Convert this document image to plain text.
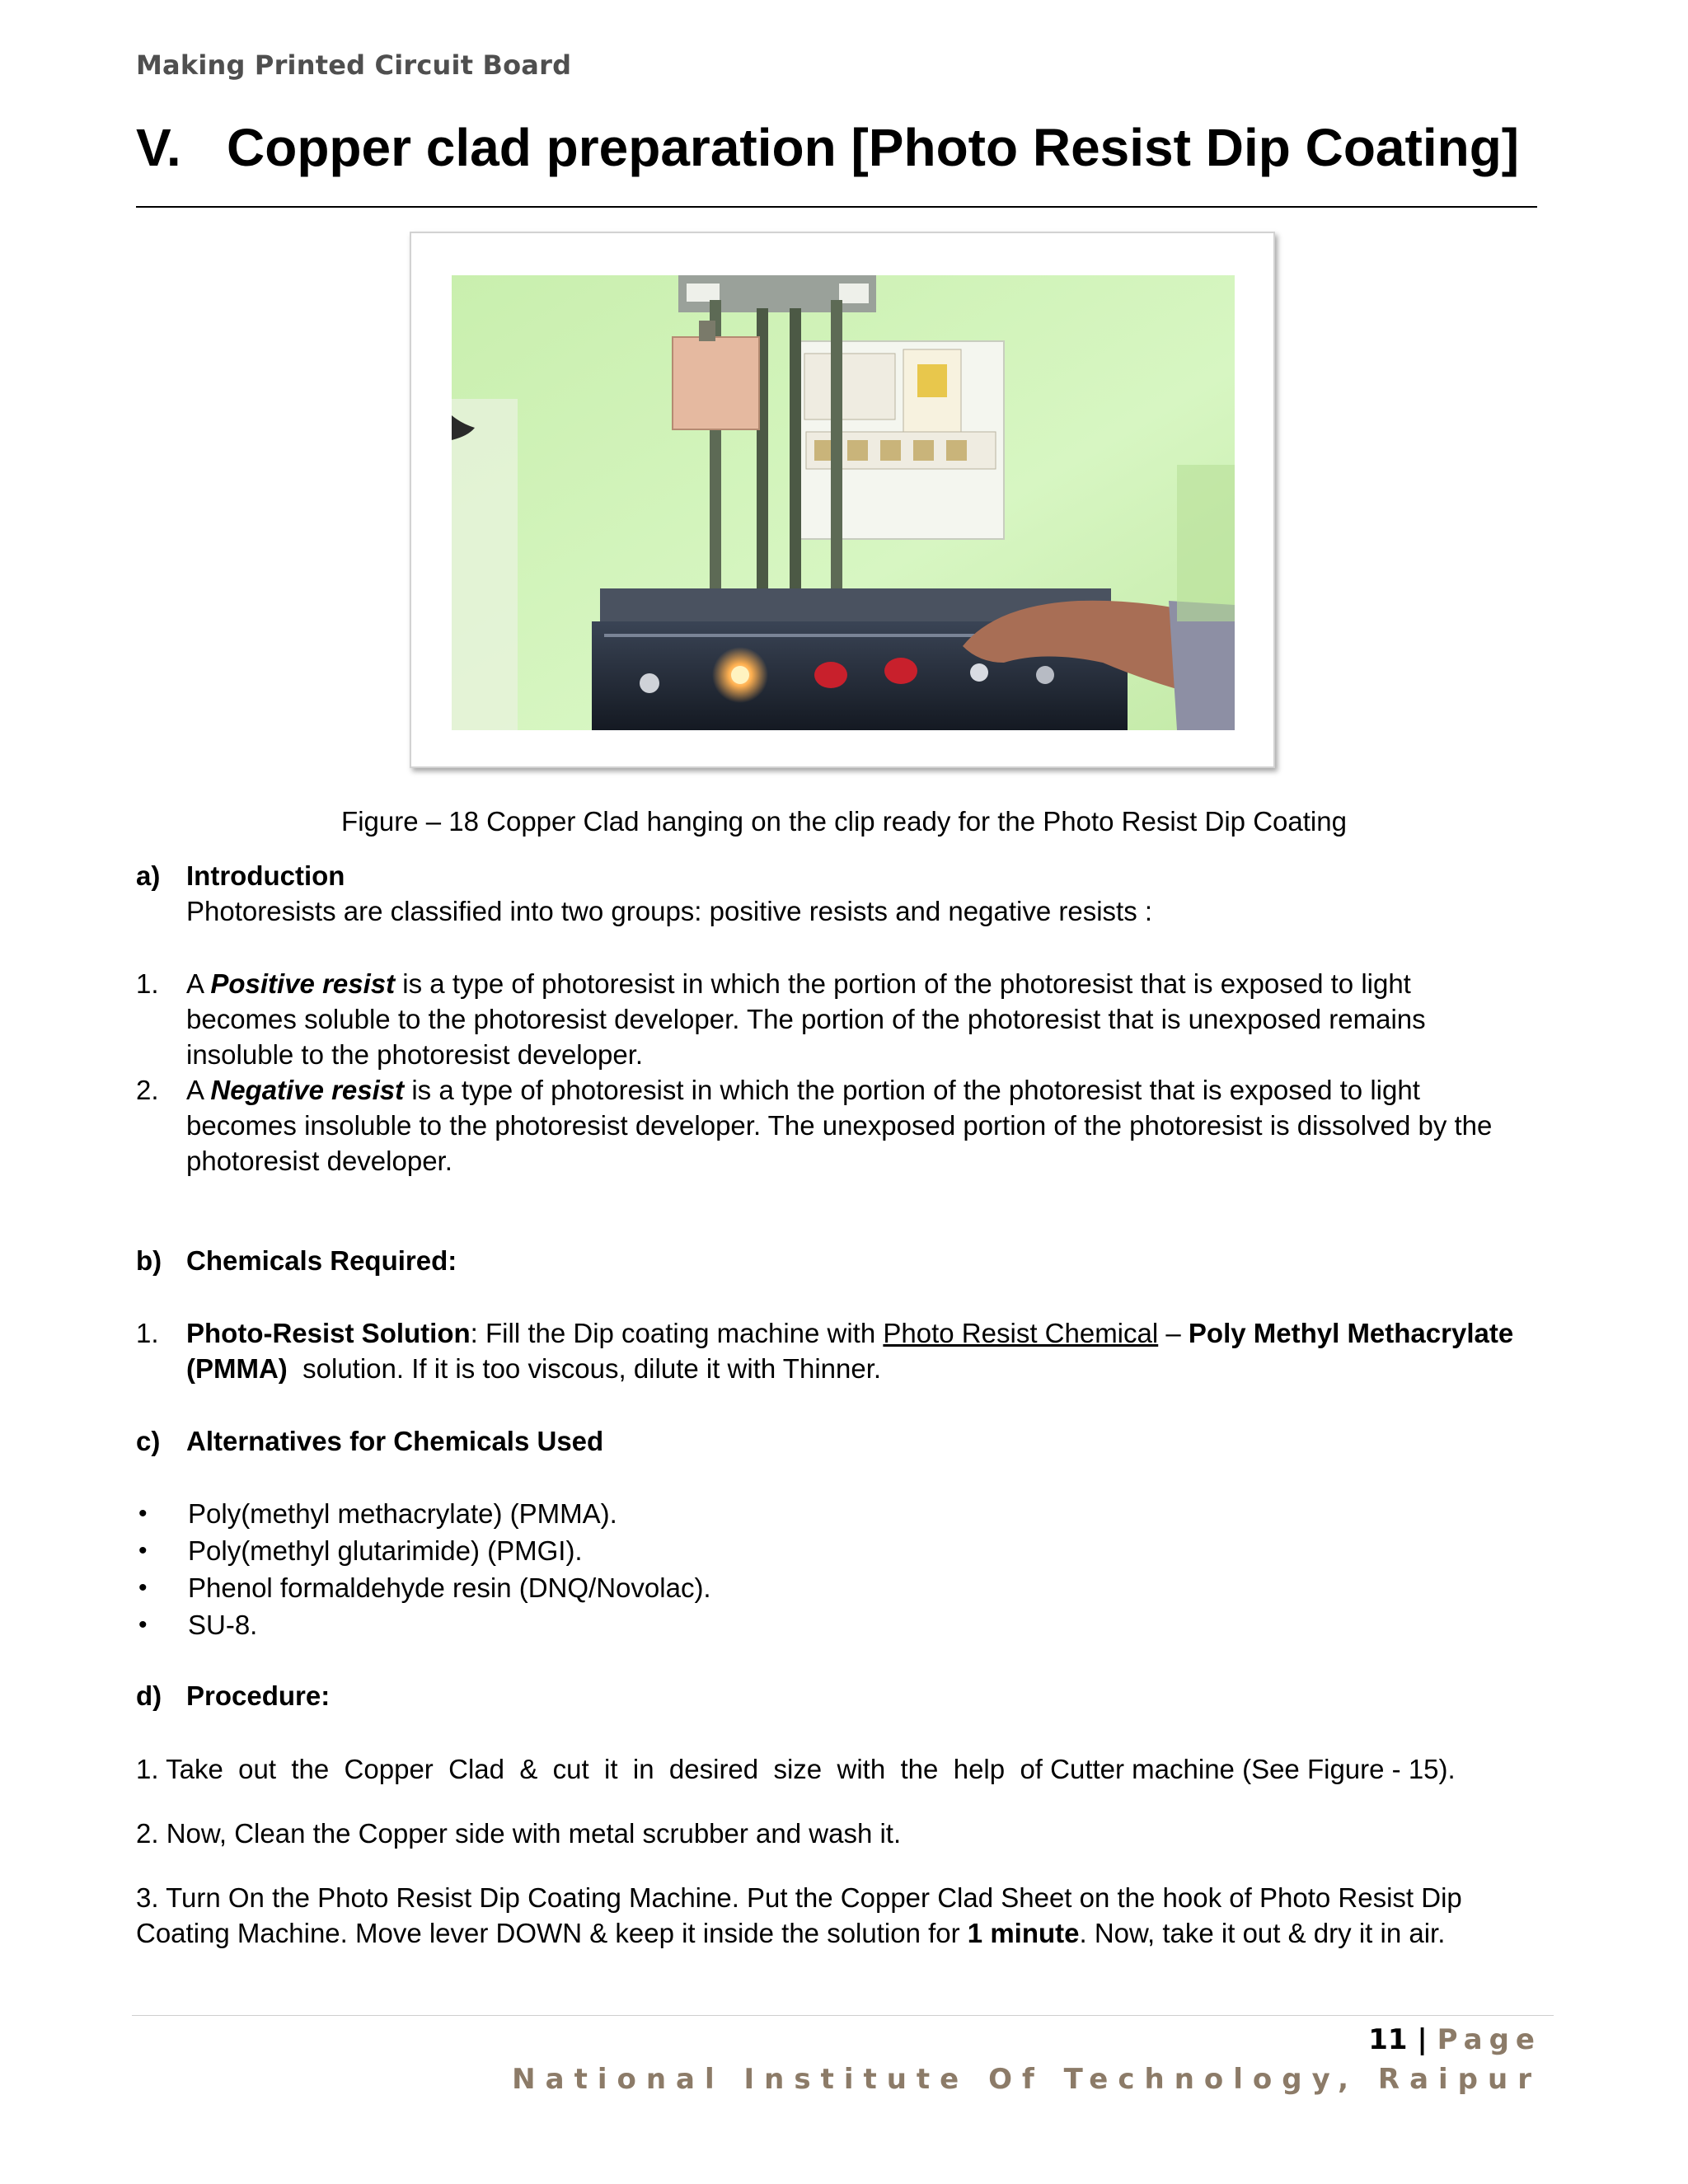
Making Printed Circuit Board
V. Copper clad preparation [Photo Resist Dip Coating]
Figure – 18 Copper Clad hanging on the clip ready for the Photo Resist Dip Coating
a) Introduction
Photoresists are classified into two groups: positive resists and negative resists :
1. A Positive resist is a type of photoresist in which the portion of the photoresist that is exposed to light
becomes soluble to the photoresist developer. The portion of the photoresist that is unexposed remains
insoluble to the photoresist developer.
2. A Negative resist is a type of photoresist in which the portion of the photoresist that is exposed to light
becomes insoluble to the photoresist developer. The unexposed portion of the photoresist is dissolved by the
photoresist developer.
b) Chemicals Required:
1. Photo-Resist Solution: Fill the Dip coating machine with Photo Resist Chemical – Poly Methyl Methacrylate
(PMMA)  solution. If it is too viscous, dilute it with Thinner.
c) Alternatives for Chemicals Used
• Poly(methyl methacrylate) (PMMA).
• Poly(methyl glutarimide) (PMGI).
• Phenol formaldehyde resin (DNQ/Novolac).
• SU-8.
d) Procedure:
1. Take  out  the  Copper  Clad  &  cut  it  in  desired  size  with  the  help  of Cutter machine (See Figure - 15).
2. Now, Clean the Copper side with metal scrubber and wash it.
3. Turn On the Photo Resist Dip Coating Machine. Put the Copper Clad Sheet on the hook of Photo Resist Dip
Coating Machine. Move lever DOWN & keep it inside the solution for 1 minute. Now, take it out & dry it in air.
11 | Page
National Institute Of Technology, Raipur
